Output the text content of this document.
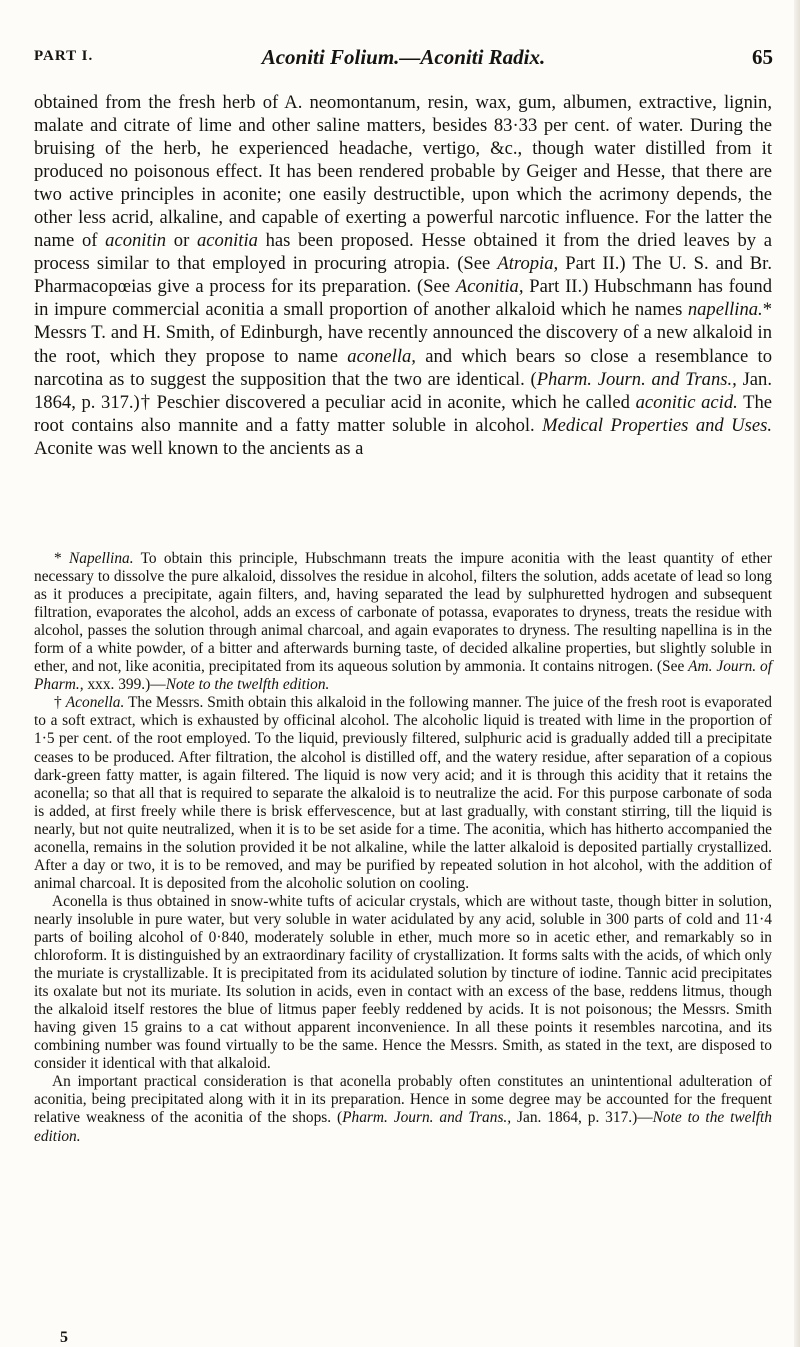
PART I.	Aconiti Folium.—Aconiti Radix.	65

obtained from the fresh herb of A. neomontanum, resin, wax, gum, albumen, extractive, lignin, malate and citrate of lime and other saline matters, besides 83·33 per cent. of water. During the bruising of the herb, he experienced headache, vertigo, &c., though water distilled from it produced no poisonous effect. It has been rendered probable by Geiger and Hesse, that there are two active principles in aconite; one easily destructible, upon which the acrimony depends, the other less acrid, alkaline, and capable of exerting a powerful narcotic influence. For the latter the name of aconitin or aconitia has been proposed. Hesse obtained it from the dried leaves by a process similar to that employed in procuring atropia. (See Atropia, Part II.) The U. S. and Br. Pharmacopœias give a process for its preparation. (See Aconitia, Part II.) Hubschmann has found in impure commercial aconitia a small proportion of another alkaloid which he names napellina.* Messrs T. and H. Smith, of Edinburgh, have recently announced the discovery of a new alkaloid in the root, which they propose to name aconella, and which bears so close a resemblance to narcotina as to suggest the supposition that the two are identical. (Pharm. Journ. and Trans., Jan. 1864, p. 317.)† Peschier discovered a peculiar acid in aconite, which he called aconitic acid. The root contains also mannite and a fatty matter soluble in alcohol. Medical Properties and Uses. Aconite was well known to the ancients as a

* Napellina. To obtain this principle, Hubschmann treats the impure aconitia with the least quantity of ether necessary to dissolve the pure alkaloid, dissolves the residue in alcohol, filters the solution, adds acetate of lead so long as it produces a precipitate, again filters, and, having separated the lead by sulphuretted hydrogen and subsequent filtration, evaporates the alcohol, adds an excess of carbonate of potassa, evaporates to dryness, treats the residue with alcohol, passes the solution through animal charcoal, and again evaporates to dryness. The resulting napellina is in the form of a white powder, of a bitter and afterwards burning taste, of decided alkaline properties, but slightly soluble in ether, and not, like aconitia, precipitated from its aqueous solution by ammonia. It contains nitrogen. (See Am. Journ. of Pharm., xxx. 399.)—Note to the twelfth edition.

† Aconella. The Messrs. Smith obtain this alkaloid in the following manner. The juice of the fresh root is evaporated to a soft extract, which is exhausted by officinal alcohol. The alcoholic liquid is treated with lime in the proportion of 1·5 per cent. of the root employed. To the liquid, previously filtered, sulphuric acid is gradually added till a precipitate ceases to be produced. After filtration, the alcohol is distilled off, and the watery residue, after separation of a copious dark-green fatty matter, is again filtered. The liquid is now very acid; and it is through this acidity that it retains the aconella; so that all that is required to separate the alkaloid is to neutralize the acid. For this purpose carbonate of soda is added, at first freely while there is brisk effervescence, but at last gradually, with constant stirring, till the liquid is nearly, but not quite neutralized, when it is to be set aside for a time. The aconitia, which has hitherto accompanied the aconella, remains in the solution provided it be not alkaline, while the latter alkaloid is deposited partially crystallized. After a day or two, it is to be removed, and may be purified by repeated solution in hot alcohol, with the addition of animal charcoal. It is deposited from the alcoholic solution on cooling.

Aconella is thus obtained in snow-white tufts of acicular crystals, which are without taste, though bitter in solution, nearly insoluble in pure water, but very soluble in water acidulated by any acid, soluble in 300 parts of cold and 11·4 parts of boiling alcohol of 0·840, moderately soluble in ether, much more so in acetic ether, and remarkably so in chloroform. It is distinguished by an extraordinary facility of crystallization. It forms salts with the acids, of which only the muriate is crystallizable. It is precipitated from its acidulated solution by tincture of iodine. Tannic acid precipitates its oxalate but not its muriate. Its solution in acids, even in contact with an excess of the base, reddens litmus, though the alkaloid itself restores the blue of litmus paper feebly reddened by acids. It is not poisonous; the Messrs. Smith having given 15 grains to a cat without apparent inconvenience. In all these points it resembles narcotina, and its combining number was found virtually to be the same. Hence the Messrs. Smith, as stated in the text, are disposed to consider it identical with that alkaloid.

An important practical consideration is that aconella probably often constitutes an unintentional adulteration of aconitia, being precipitated along with it in its preparation. Hence in some degree may be accounted for the frequent relative weakness of the aconitia of the shops. (Pharm. Journ. and Trans., Jan. 1864, p. 317.)—Note to the twelfth edition.

5
